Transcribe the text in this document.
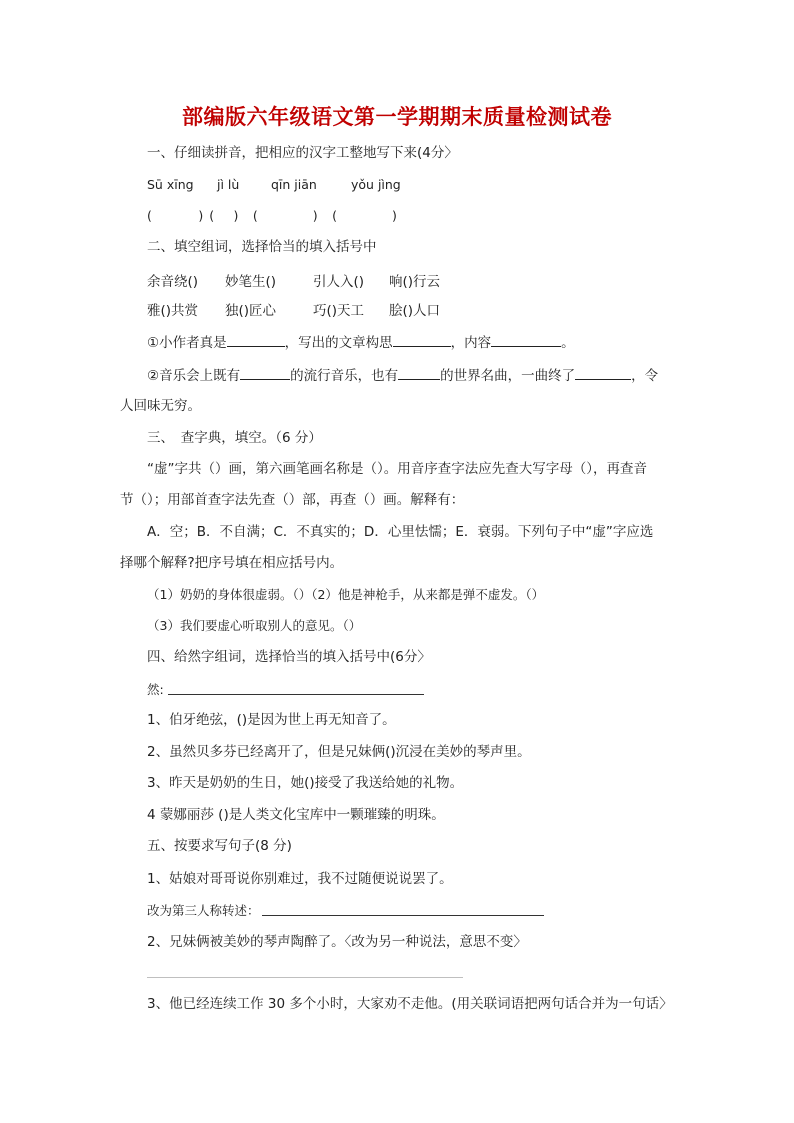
部编版六年级语文第一学期期末质量检测试卷
一、仔细读拼音，把相应的汉字工整地写下来(4分〉
Sū xīng jì lù	qīn jiān	yǒu jìng
(　　　 ) (　 )　(　　　　)　(　　　　)
二、填空组词，选择恰当的填入括号中
余音绕() 妙笔生()	引人入() 响()行云
雅()共赏 独()匠心	巧()天工 脍()人口
①小作者真是	，写出的文章构思	，内容	。
②音乐会上既有	的流行音乐，也有	的世界名曲，一曲终了	，令
人回味无穷。
三、　查字典，填空。（6 分）
“虚”字共（）画，第六画笔画名称是（）。用音序查字法应先查大写字母（），再查音
节（）；用部首查字法先查（）部，再查（）画。解释有：
A．空；B．不自满；C．不真实的；D．心里怯懦；E．衰弱。下列句子中“虚”字应选
择哪个解释?把序号填在相应括号内。
（1）奶奶的身体很虚弱。（）（2）他是神枪手，从来都是弹不虚发。（）
（3）我们要虚心听取别人的意见。（）
四、给然字组词，选择恰当的填入括号中(6分〉
然:
1、伯牙绝弦，()是因为世上再无知音了。
2、虽然贝多芬已经离开了，但是兄妹俩()沉浸在美妙的琴声里。
3、昨天是奶奶的生日，她()接受了我送给她的礼物。
4 蒙娜丽莎 ()是人类文化宝库中一颗璀臻的明珠。
五、按要求写句子(8 分)
1、姑娘对哥哥说你别难过，我不过随便说说罢了。
改为第三人称转述：
2、兄妹俩被美妙的琴声陶醉了。〈改为另一种说法，意思不变〉
3、他已经连续工作 30 多个小时，大家劝不走他。(用关联词语把两句话合并为一句话〉
